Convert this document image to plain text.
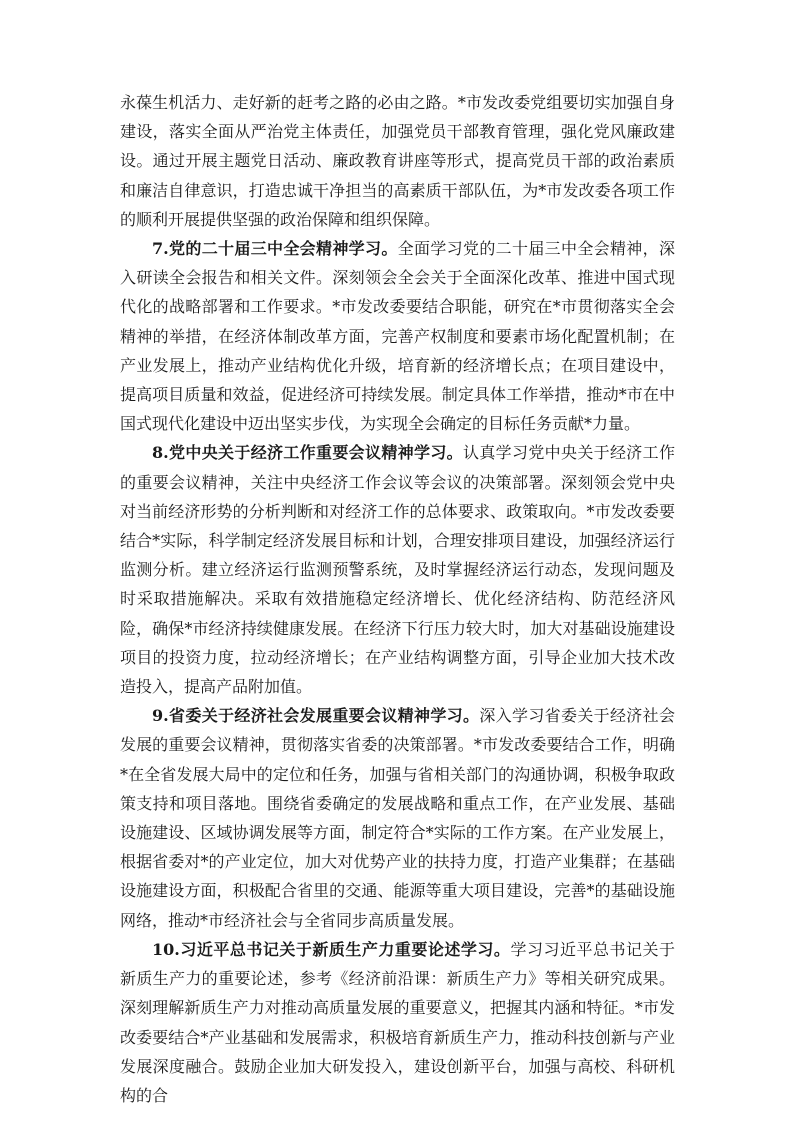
永葆生机活力、走好新的赶考之路的必由之路。*市发改委党组要切实加强自身建设，落实全面从严治党主体责任，加强党员干部教育管理，强化党风廉政建设。通过开展主题党日活动、廉政教育讲座等形式，提高党员干部的政治素质和廉洁自律意识，打造忠诚干净担当的高素质干部队伍，为*市发改委各项工作的顺利开展提供坚强的政治保障和组织保障。

7.党的二十届三中全会精神学习。全面学习党的二十届三中全会精神，深入研读全会报告和相关文件。深刻领会全会关于全面深化改革、推进中国式现代化的战略部署和工作要求。*市发改委要结合职能，研究在*市贯彻落实全会精神的举措，在经济体制改革方面，完善产权制度和要素市场化配置机制；在产业发展上，推动产业结构优化升级，培育新的经济增长点；在项目建设中，提高项目质量和效益，促进经济可持续发展。制定具体工作举措，推动*市在中国式现代化建设中迈出坚实步伐，为实现全会确定的目标任务贡献*力量。

8.党中央关于经济工作重要会议精神学习。认真学习党中央关于经济工作的重要会议精神，关注中央经济工作会议等会议的决策部署。深刻领会党中央对当前经济形势的分析判断和对经济工作的总体要求、政策取向。*市发改委要结合*实际，科学制定经济发展目标和计划，合理安排项目建设，加强经济运行监测分析。建立经济运行监测预警系统，及时掌握经济运行动态，发现问题及时采取措施解决。采取有效措施稳定经济增长、优化经济结构、防范经济风险，确保*市经济持续健康发展。在经济下行压力较大时，加大对基础设施建设项目的投资力度，拉动经济增长；在产业结构调整方面，引导企业加大技术改造投入，提高产品附加值。

9.省委关于经济社会发展重要会议精神学习。深入学习省委关于经济社会发展的重要会议精神，贯彻落实省委的决策部署。*市发改委要结合工作，明确*在全省发展大局中的定位和任务，加强与省相关部门的沟通协调，积极争取政策支持和项目落地。围绕省委确定的发展战略和重点工作，在产业发展、基础设施建设、区域协调发展等方面，制定符合*实际的工作方案。在产业发展上，根据省委对*的产业定位，加大对优势产业的扶持力度，打造产业集群；在基础设施建设方面，积极配合省里的交通、能源等重大项目建设，完善*的基础设施网络，推动*市经济社会与全省同步高质量发展。

10.习近平总书记关于新质生产力重要论述学习。学习习近平总书记关于新质生产力的重要论述，参考《经济前沿课：新质生产力》等相关研究成果。深刻理解新质生产力对推动高质量发展的重要意义，把握其内涵和特征。*市发改委要结合*产业基础和发展需求，积极培育新质生产力，推动科技创新与产业发展深度融合。鼓励企业加大研发投入，建设创新平台，加强与高校、科研机构的合
